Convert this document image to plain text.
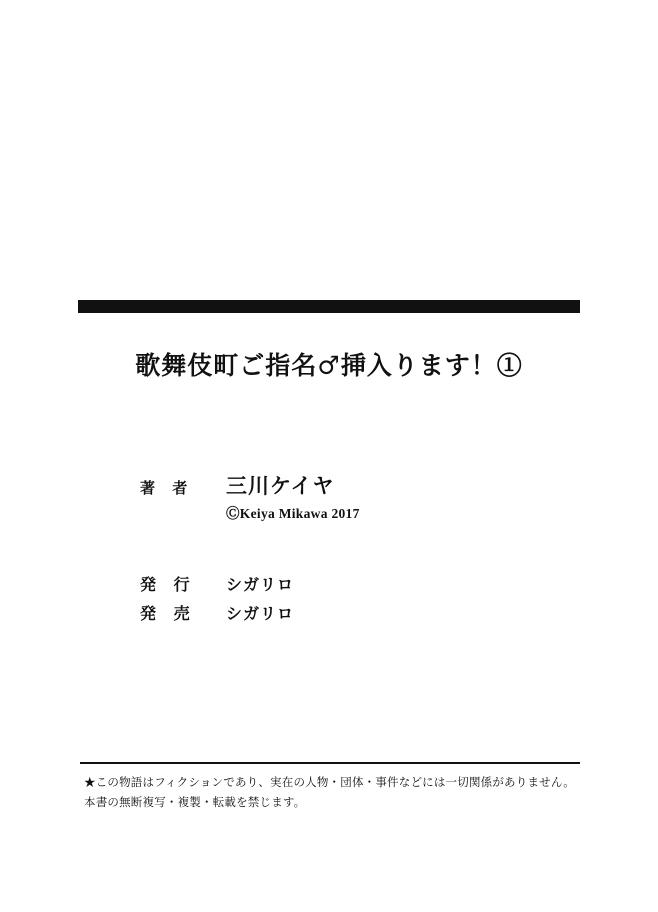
歌舞伎町ご指名♂挿入ります！①
著 者	三川ケイヤ
ⒸKeiya Mikawa 2017
発 行	シガリロ
発 売	シガリロ
★この物語はフィクションであり、実在の人物・団体・事件などには一切関係がありません。
本書の無断複写・複製・転載を禁じます。
